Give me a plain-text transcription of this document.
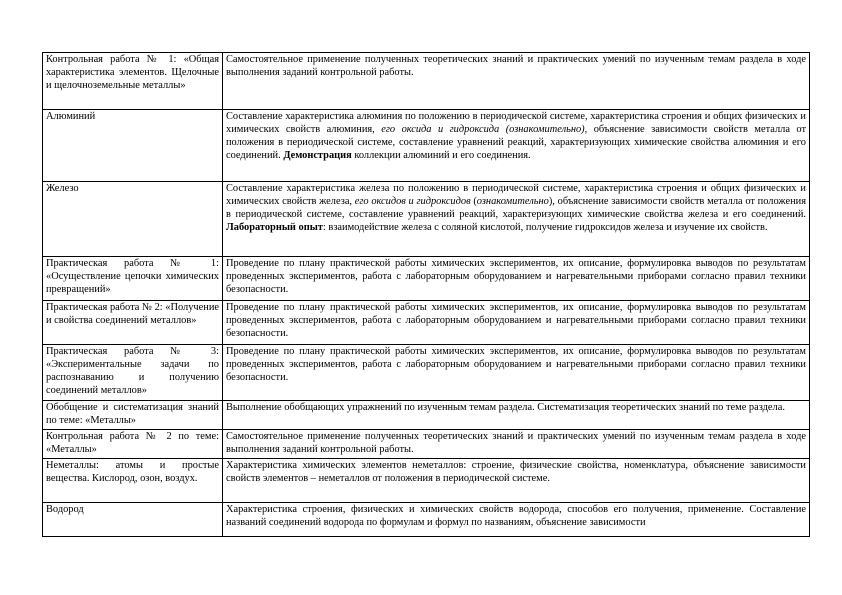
Контрольная работа № 1: «Общая характеристика элементов. Щелочные и щелочноземельные металлы»	Самостоятельное применение полученных теоретических знаний и практических умений по изученным темам раздела в ходе выполнения заданий контрольной работы.
Алюминий	Составление характеристика алюминия по положению в периодической системе, характеристика строения и общих физических и химических свойств алюминия, его оксида и гидроксида (ознакомительно), объяснение зависимости свойств металла от положения в периодической системе, составление уравнений реакций, характеризующих химические свойства алюминия и его соединений. Демонстрация коллекции алюминий и его соединения.
Железо	Составление характеристика железа по положению в периодической системе, характеристика строения и общих физических и химических свойств железа, его оксидов и гидроксидов (ознакомительно), объяснение зависимости свойств металла от положения в периодической системе, составление уравнений реакций, характеризующих химические свойства железа и его соединений. Лабораторный опыт: взаимодействие железа с соляной кислотой, получение гидроксидов железа и изучение их свойств.
Практическая работа № 1: «Осуществление цепочки химических превращений»	Проведение по плану практической работы химических экспериментов, их описание, формулировка выводов по результатам проведенных экспериментов, работа с лабораторным оборудованием и нагревательными приборами согласно правил техники безопасности.
Практическая работа № 2: «Получение и свойства соединений металлов»	Проведение по плану практической работы химических экспериментов, их описание, формулировка выводов по результатам проведенных экспериментов, работа с лабораторным оборудованием и нагревательными приборами согласно правил техники безопасности.
Практическая работа № 3: «Экспериментальные задачи по распознаванию и получению соединений металлов»	Проведение по плану практической работы химических экспериментов, их описание, формулировка выводов по результатам проведенных экспериментов, работа с лабораторным оборудованием и нагревательными приборами согласно правил техники безопасности.
Обобщение и систематизация знаний по теме: «Металлы»	Выполнение обобщающих упражнений по изученным темам раздела. Систематизация теоретических знаний по теме раздела.
Контрольная работа № 2 по теме: «Металлы»	Самостоятельное применение полученных теоретических знаний и практических умений по изученным темам раздела в ходе выполнения заданий контрольной работы.
Неметаллы: атомы и простые вещества. Кислород, озон, воздух.	Характеристика химических элементов неметаллов: строение, физические свойства, номенклатура, объяснение зависимости свойств элементов – неметаллов от положения в периодической системе.
Водород	Характеристика строения, физических и химических свойств водорода, способов его получения, применение. Составление названий соединений водорода по формулам и формул по названиям, объяснение зависимости
